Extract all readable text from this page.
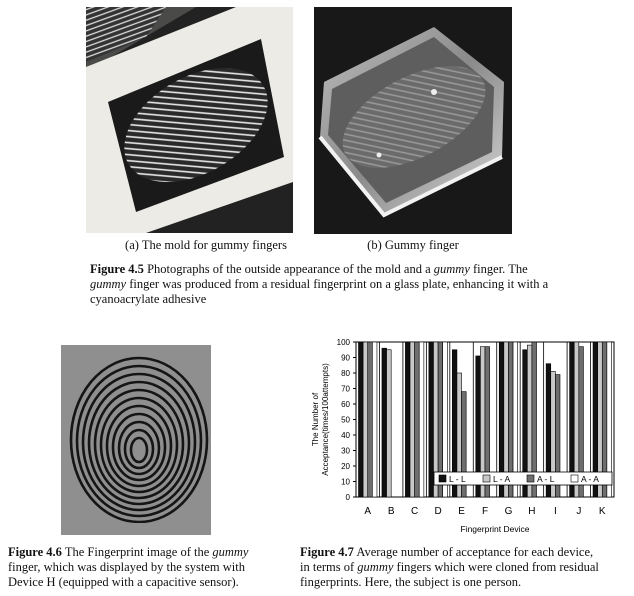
(a) The mold for gummy fingers	(b) Gummy finger
Figure 4.5 Photographs of the outside appearance of the mold and a gummy finger. The
gummy finger was produced from a residual fingerprint on a glass plate, enhancing it with a
cyanoacrylate adhesive
Figure 4.6 The Fingerprint image of the gummy
finger, which was displayed by the system with
Device H (equipped with a capacitive sensor).
The Number ofAcceptance(times/100attempts)
Fingerprint Device
0
10
20
30
40
50
60
70
80
90
100
A B C D E F G H I J K
L - L	L - A	A - L	A - A
Figure 4.7 Average number of acceptance for each device,
in terms of gummy fingers which were cloned from residual
fingerprints. Here, the subject is one person.
